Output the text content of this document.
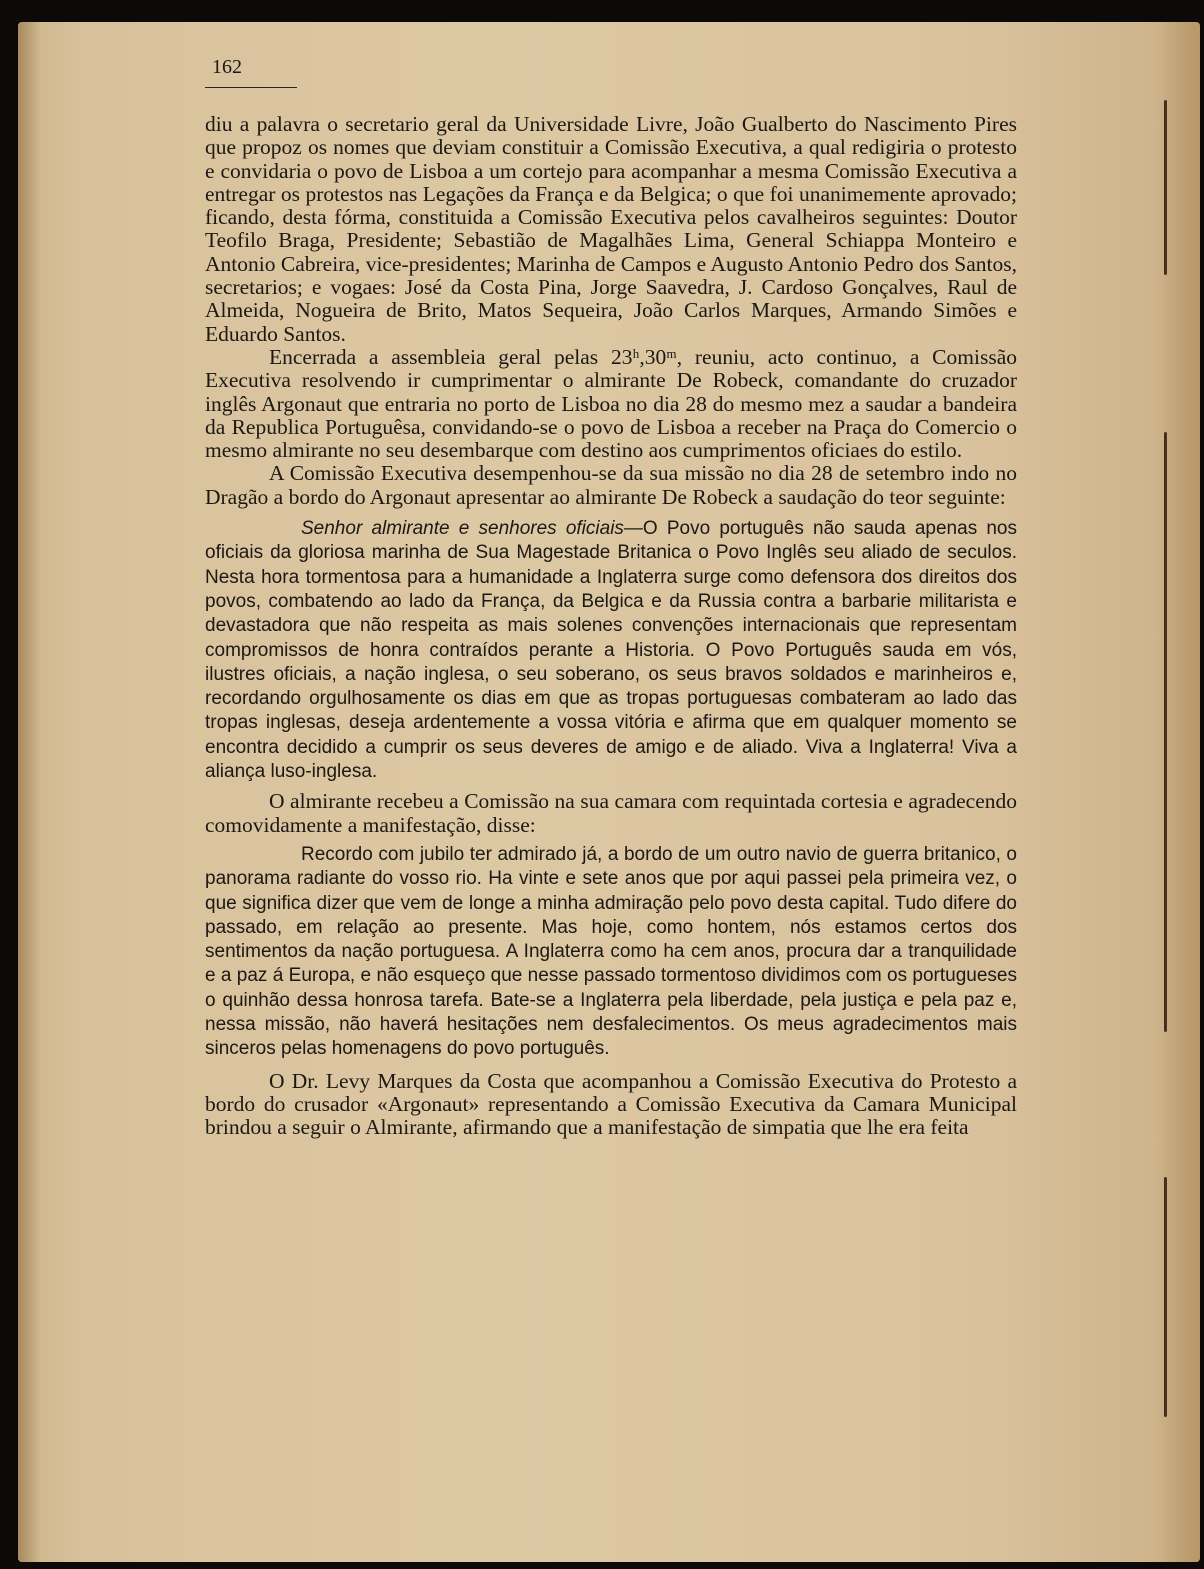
162

diu a palavra o secretario geral da Universidade Livre, João Gualberto do Nascimento Pires que propoz os nomes que deviam constituir a Comissão Executiva, a qual redigiria o protesto e convidaria o povo de Lisboa a um cortejo para acompanhar a mesma Comissão Executiva a entregar os protestos nas Legações da França e da Belgica; o que foi unanimemente aprovado; ficando, desta fórma, constituida a Comissão Executiva pelos cavalheiros seguintes: Doutor Teofilo Braga, Presidente; Sebastião de Magalhães Lima, General Schiappa Monteiro e Antonio Cabreira, vice-presidentes; Marinha de Campos e Augusto Antonio Pedro dos Santos, secretarios; e vogaes: José da Costa Pina, Jorge Saavedra, J. Cardoso Gonçalves, Raul de Almeida, Nogueira de Brito, Matos Sequeira, João Carlos Marques, Armando Simões e Eduardo Santos.

Encerrada a assembleia geral pelas 23ʰ,30ᵐ, reuniu, acto continuo, a Comissão Executiva resolvendo ir cumprimentar o almirante De Robeck, comandante do cruzador inglês Argonaut que entraria no porto de Lisboa no dia 28 do mesmo mez a saudar a bandeira da Republica Portuguêsa, convidando-se o povo de Lisboa a receber na Praça do Comercio o mesmo almirante no seu desembarque com destino aos cumprimentos oficiaes do estilo.

A Comissão Executiva desempenhou-se da sua missão no dia 28 de setembro indo no Dragão a bordo do Argonaut apresentar ao almirante De Robeck a saudação do teor seguinte:

Senhor almirante e senhores oficiais—O Povo português não sauda apenas nos oficiais da gloriosa marinha de Sua Magestade Britanica o Povo Inglês seu aliado de seculos. Nesta hora tormentosa para a humanidade a Inglaterra surge como defensora dos direitos dos povos, combatendo ao lado da França, da Belgica e da Russia contra a barbarie militarista e devastadora que não respeita as mais solenes convenções internacionais que representam compromissos de honra contraídos perante a Historia. O Povo Português sauda em vós, ilustres oficiais, a nação inglesa, o seu soberano, os seus bravos soldados e marinheiros e, recordando orgulhosamente os dias em que as tropas portuguesas combateram ao lado das tropas inglesas, deseja ardentemente a vossa vitória e afirma que em qualquer momento se encontra decidido a cumprir os seus deveres de amigo e de aliado. Viva a Inglaterra! Viva a aliança luso-inglesa.

O almirante recebeu a Comissão na sua camara com requintada cortesia e agradecendo comovidamente a manifestação, disse:

Recordo com jubilo ter admirado já, a bordo de um outro navio de guerra britanico, o panorama radiante do vosso rio. Ha vinte e sete anos que por aqui passei pela primeira vez, o que significa dizer que vem de longe a minha admiração pelo povo desta capital. Tudo difere do passado, em relação ao presente. Mas hoje, como hontem, nós estamos certos dos sentimentos da nação portuguesa. A Inglaterra como ha cem anos, procura dar a tranquilidade e a paz á Europa, e não esqueço que nesse passado tormentoso dividimos com os portugueses o quinhão dessa honrosa tarefa. Bate-se a Inglaterra pela liberdade, pela justiça e pela paz e, nessa missão, não haverá hesitações nem desfalecimentos. Os meus agradecimentos mais sinceros pelas homenagens do povo português.

O Dr. Levy Marques da Costa que acompanhou a Comissão Executiva do Protesto a bordo do crusador «Argonaut» representando a Comissão Executiva da Camara Municipal brindou a seguir o Almirante, afirmando que a manifestação de simpatia que lhe era feita
